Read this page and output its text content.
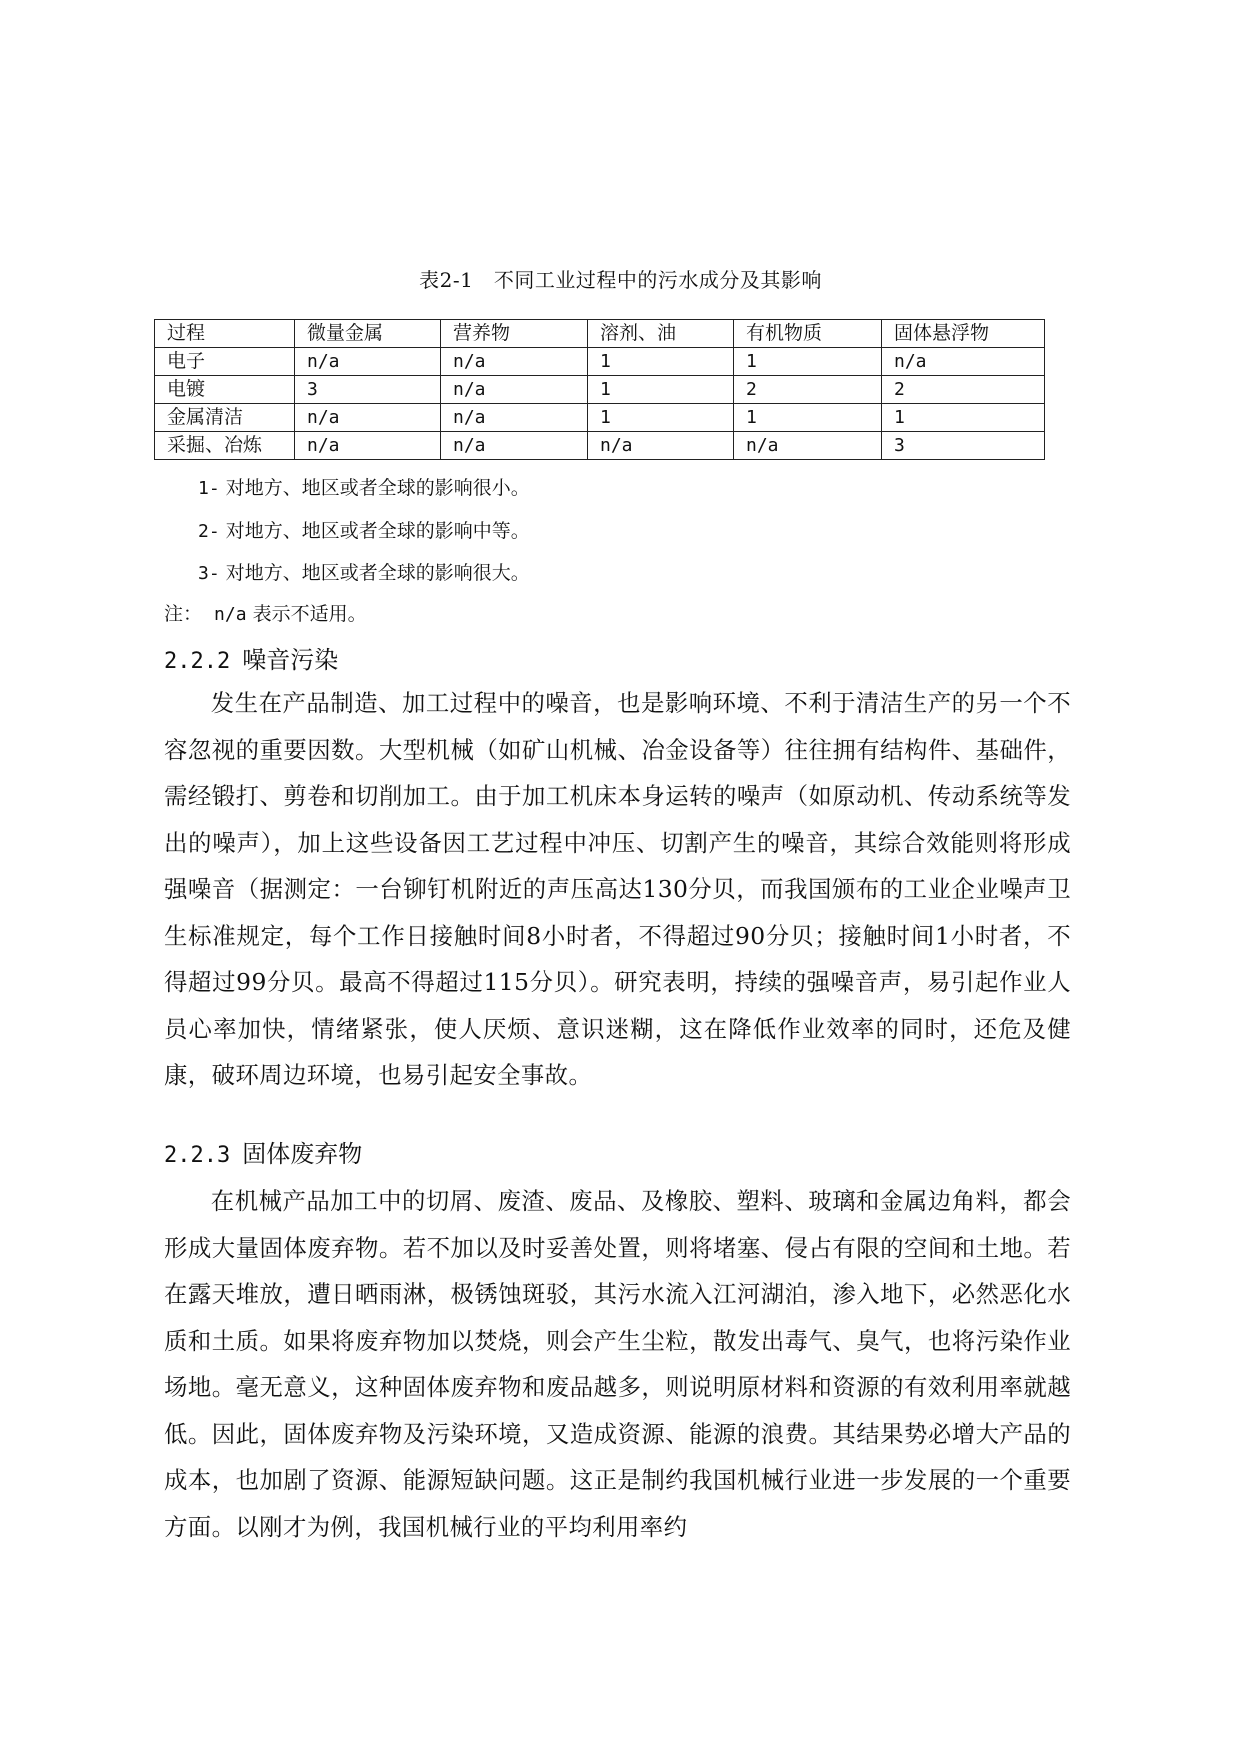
表2-1　不同工业过程中的污水成分及其影响
过程	微量金属	营养物	溶剂、油	有机物质	固体悬浮物
电子	n/a	n/a	1	1	n/a
电镀	3	n/a	1	2	2
金属清洁	n/a	n/a	1	1	1
采掘、冶炼	n/a	n/a	n/a	n/a	3
1- 对地方、地区或者全球的影响很小。
2- 对地方、地区或者全球的影响中等。
3- 对地方、地区或者全球的影响很大。
注： n/a 表示不适用。
2.2.2 噪音污染
发生在产品制造、加工过程中的噪音，也是影响环境、不利于清洁生产的另一个不容忽视的重要因数。大型机械（如矿山机械、冶金设备等）往往拥有结构件、基础件，需经锻打、剪卷和切削加工。由于加工机床本身运转的噪声（如原动机、传动系统等发出的噪声），加上这些设备因工艺过程中冲压、切割产生的噪音，其综合效能则将形成强噪音（据测定：一台铆钉机附近的声压高达130分贝，而我国颁布的工业企业噪声卫生标准规定，每个工作日接触时间8小时者，不得超过90分贝；接触时间1小时者，不得超过99分贝。最高不得超过115分贝）。研究表明，持续的强噪音声，易引起作业人员心率加快，情绪紧张，使人厌烦、意识迷糊，这在降低作业效率的同时，还危及健康，破环周边环境，也易引起安全事故。
2.2.3 固体废弃物
在机械产品加工中的切屑、废渣、废品、及橡胶、塑料、玻璃和金属边角料，都会形成大量固体废弃物。若不加以及时妥善处置，则将堵塞、侵占有限的空间和土地。若在露天堆放，遭日晒雨淋，极锈蚀斑驳，其污水流入江河湖泊，渗入地下，必然恶化水质和土质。如果将废弃物加以焚烧，则会产生尘粒，散发出毒气、臭气，也将污染作业场地。毫无意义，这种固体废弃物和废品越多，则说明原材料和资源的有效利用率就越低。因此，固体废弃物及污染环境，又造成资源、能源的浪费。其结果势必增大产品的成本，也加剧了资源、能源短缺问题。这正是制约我国机械行业进一步发展的一个重要方面。以刚才为例，我国机械行业的平均利用率约
